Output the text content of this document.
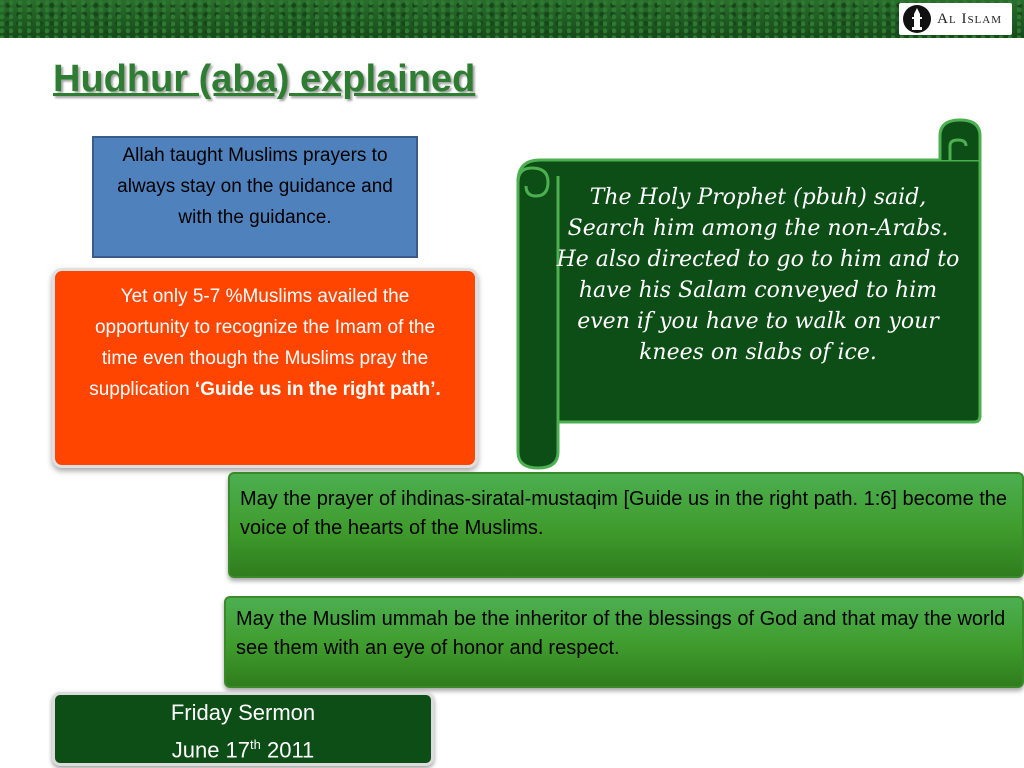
Al Islam
Hudhur (aba) explained
Allah taught Muslims prayers to always stay on the guidance and with the guidance.
Yet only 5-7 %Muslims availed the opportunity to recognize the Imam of the time even though the Muslims pray the supplication ‘Guide us in the right path’.
The Holy Prophet (pbuh) said, Search him among the non-Arabs. He also directed to go to him and to have his Salam conveyed to him even if you have to walk on your knees on slabs of ice.
May the prayer of ihdinas-siratal-mustaqim [Guide us in the right path. 1:6] become the voice of the hearts of the Muslims.
May the Muslim ummah be the inheritor of the blessings of God and that may the world see them with an eye of honor and respect.
Friday Sermon
June 17th 2011
